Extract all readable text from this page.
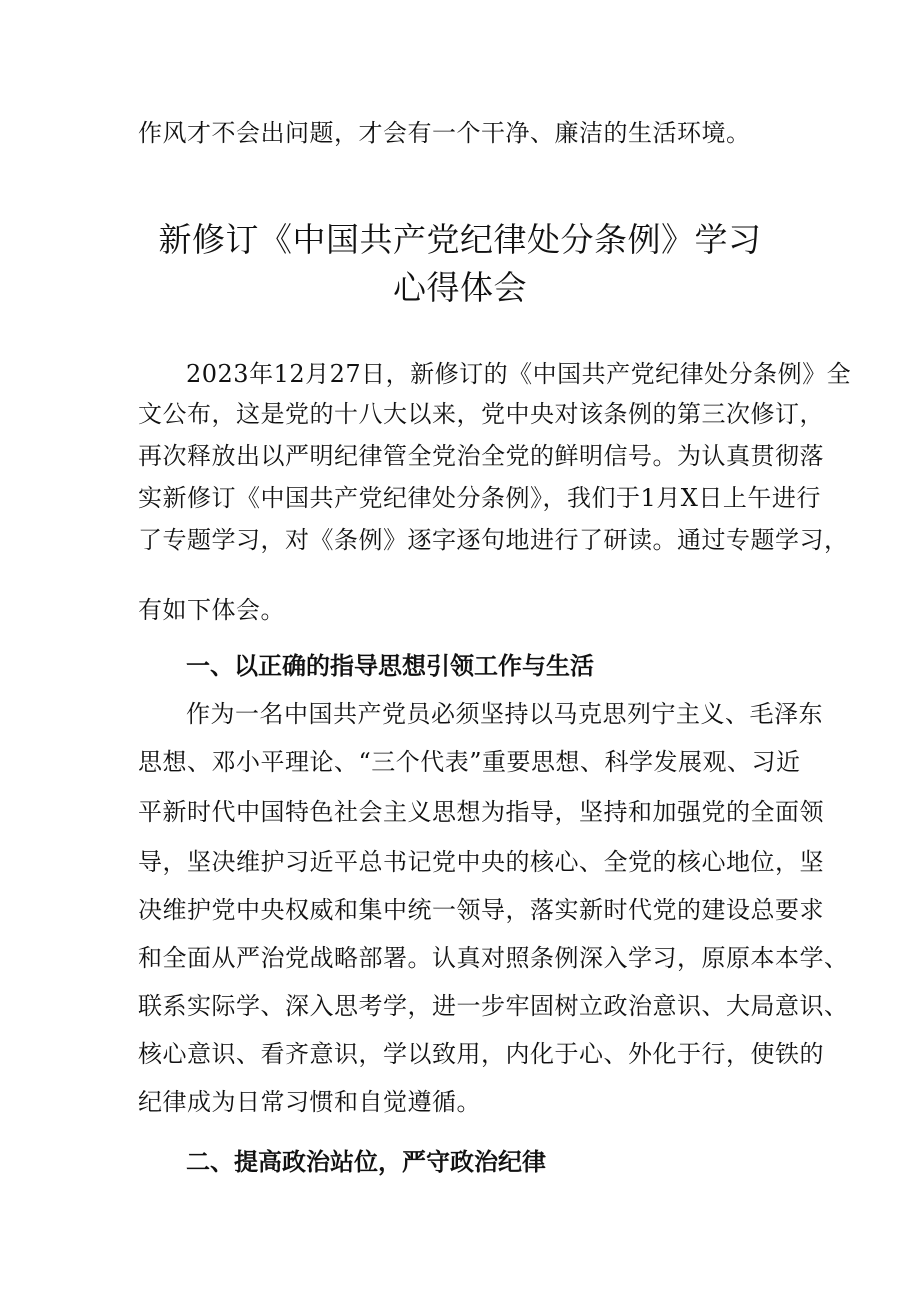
作风才不会出问题，才会有一个干净、廉洁的生活环境。
新修订《中国共产党纪律处分条例》学习
心得体会
2023年12月27日，新修订的《中国共产党纪律处分条例》全
文公布，这是党的十八大以来，党中央对该条例的第三次修订，
再次释放出以严明纪律管全党治全党的鲜明信号。为认真贯彻落
实新修订《中国共产党纪律处分条例》，我们于1月X日上午进行
了专题学习，对《条例》逐字逐句地进行了研读。通过专题学习，
有如下体会。
一、以正确的指导思想引领工作与生活
作为一名中国共产党员必须坚持以马克思列宁主义、毛泽东
思想、邓小平理论、“三个代表”重要思想、科学发展观、习近
平新时代中国特色社会主义思想为指导，坚持和加强党的全面领
导，坚决维护习近平总书记党中央的核心、全党的核心地位，坚
决维护党中央权威和集中统一领导，落实新时代党的建设总要求
和全面从严治党战略部署。认真对照条例深入学习，原原本本学、
联系实际学、深入思考学，进一步牢固树立政治意识、大局意识、
核心意识、看齐意识，学以致用，内化于心、外化于行，使铁的
纪律成为日常习惯和自觉遵循。
二、提高政治站位，严守政治纪律
